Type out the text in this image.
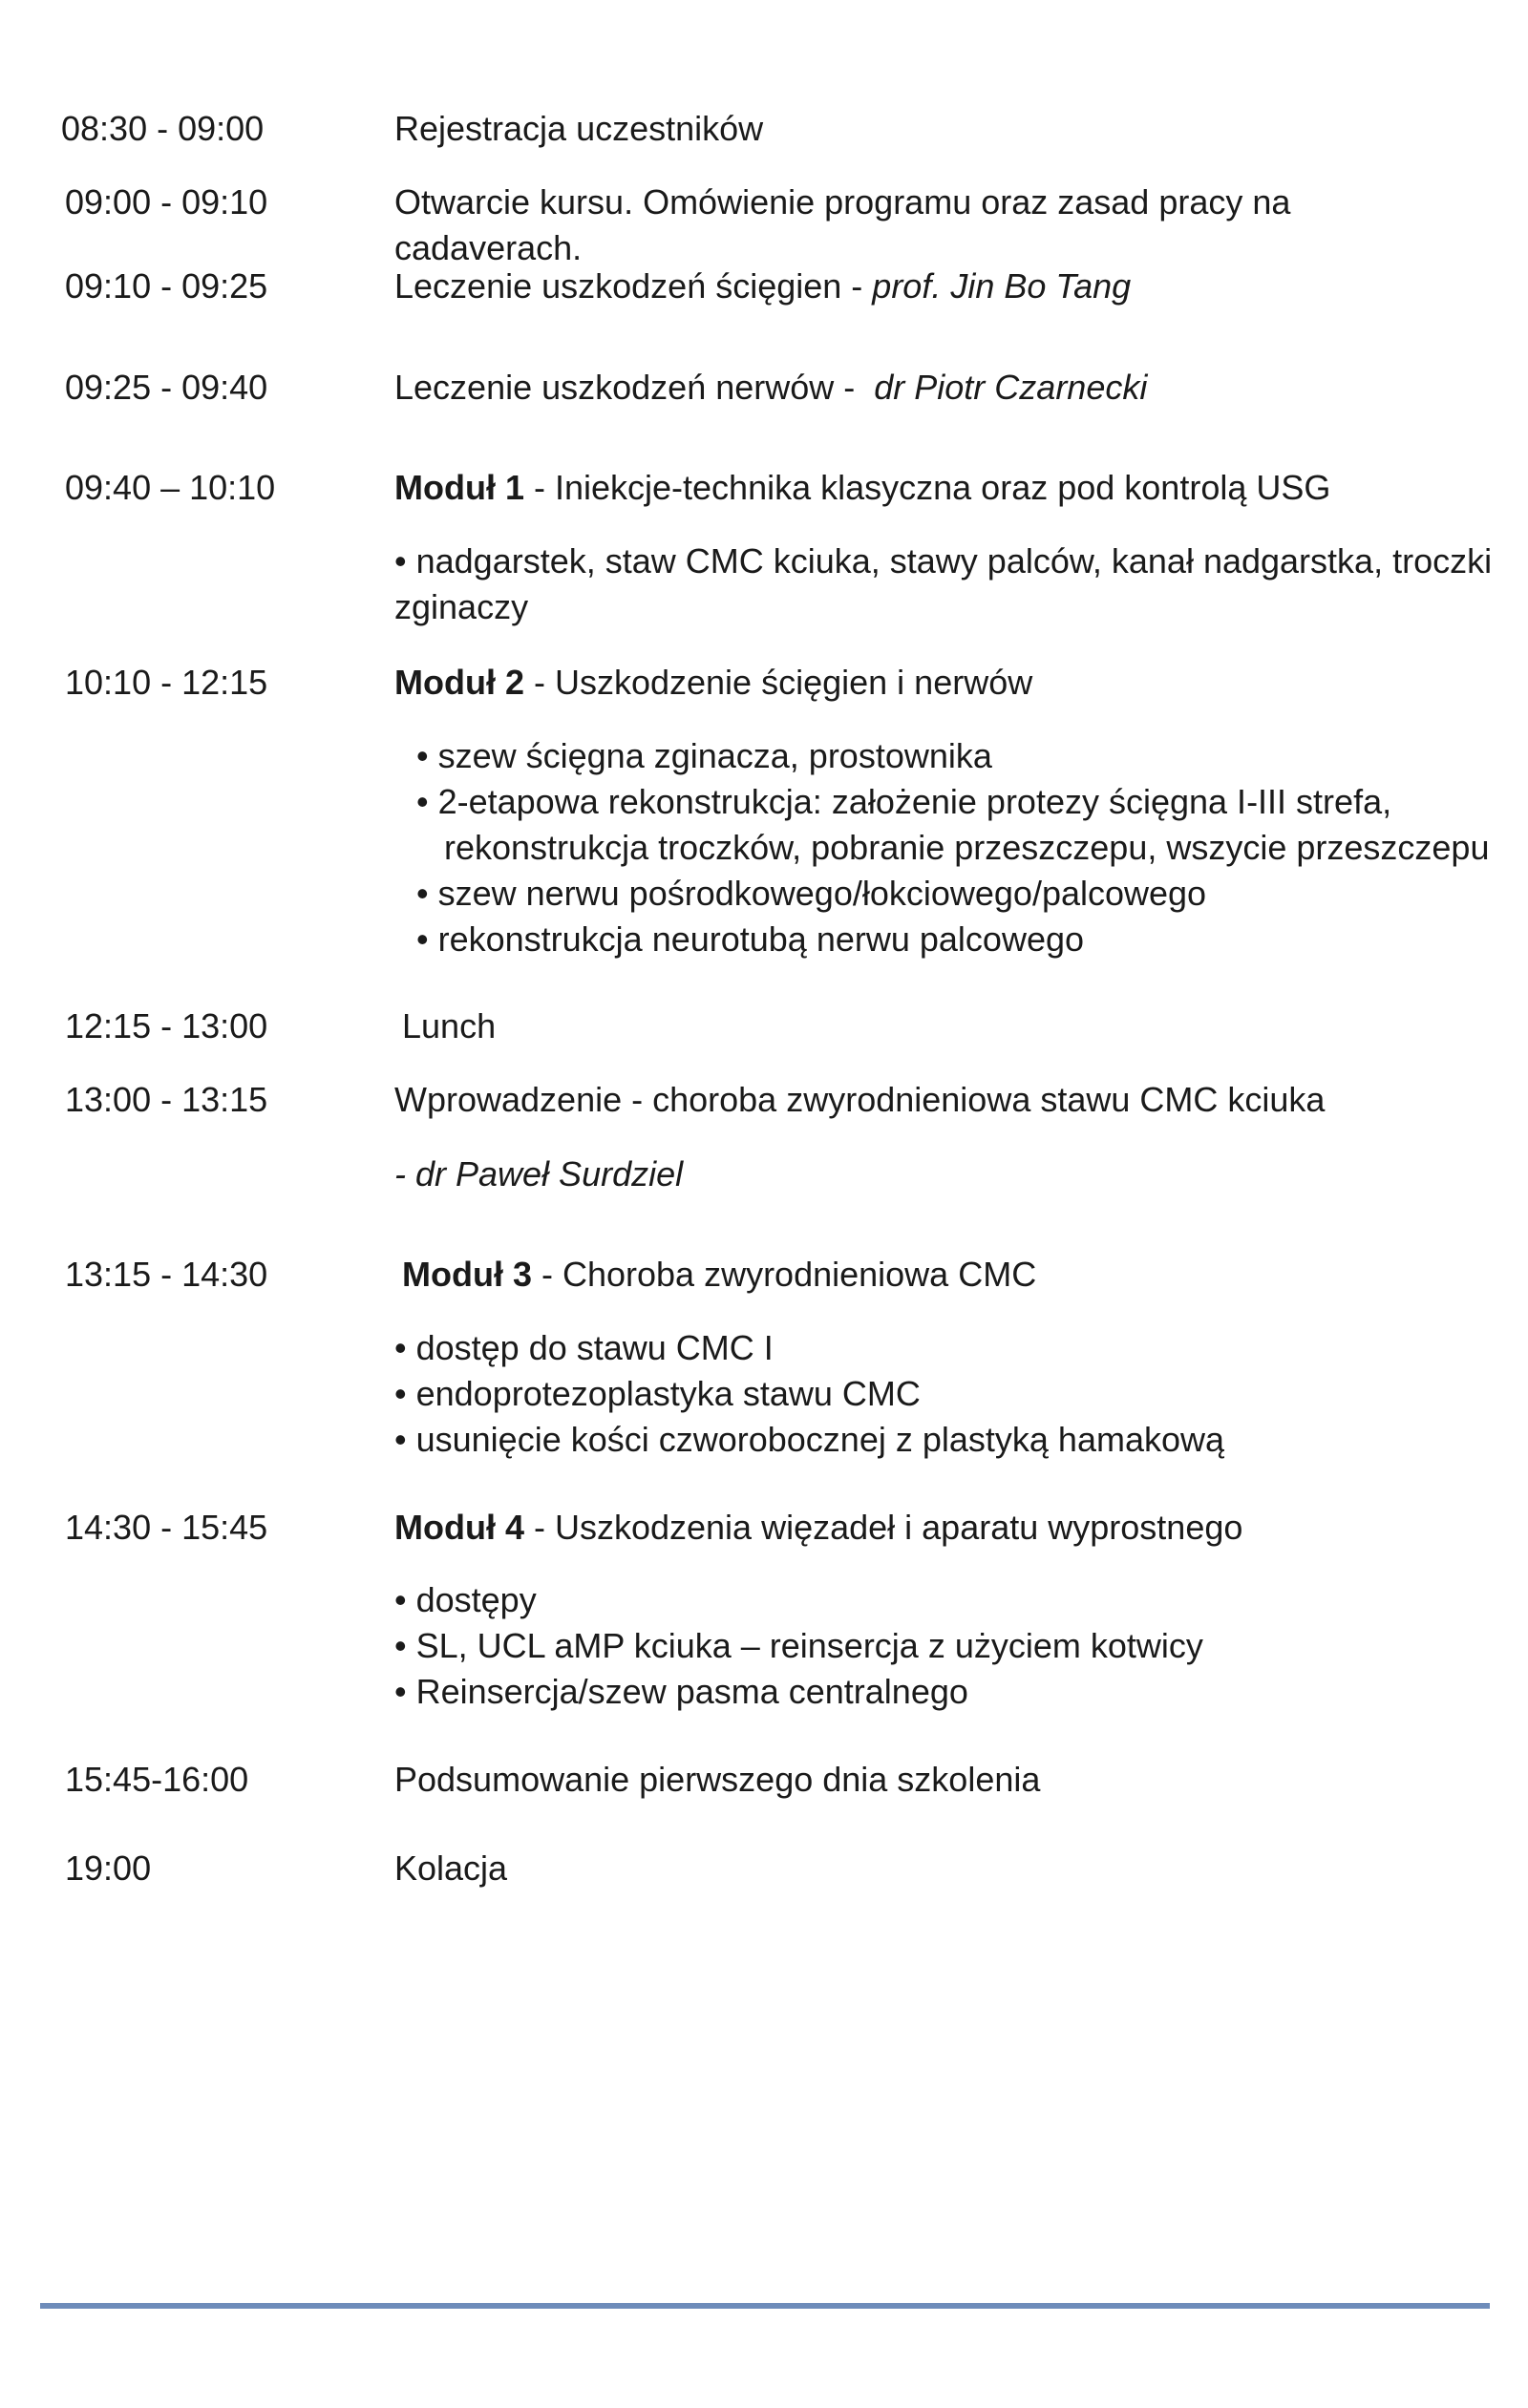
08:30 - 09:00	Rejestracja uczestników
09:00 - 09:10	Otwarcie kursu. Omówienie programu oraz zasad pracy na cadaverach.
09:10 - 09:25	Leczenie uszkodzeń ścięgien - prof. Jin Bo Tang
09:25 - 09:40	Leczenie uszkodzeń nerwów -  dr Piotr Czarnecki
09:40 – 10:10	Moduł 1 - Iniekcje-technika klasyczna oraz pod kontrolą USG
• nadgarstek, staw CMC kciuka, stawy palców, kanał nadgarstka, troczki zginaczy
10:10 - 12:15	Moduł 2 - Uszkodzenie ścięgien i nerwów
• szew ścięgna zginacza, prostownika
• 2-etapowa rekonstrukcja: założenie protezy ścięgna I-III strefa,
rekonstrukcja troczków, pobranie przeszczepu, wszycie przeszczepu
• szew nerwu pośrodkowego/łokciowego/palcowego
• rekonstrukcja neurotubą nerwu palcowego
12:15 - 13:00	Lunch
13:00 - 13:15	Wprowadzenie - choroba zwyrodnieniowa stawu CMC kciuka
- dr Paweł Surdziel
13:15 - 14:30	Moduł 3 - Choroba zwyrodnieniowa CMC
• dostęp do stawu CMC I
• endoprotezoplastyka stawu CMC
• usunięcie kości czworobocznej z plastyką hamakową
14:30 - 15:45	Moduł 4 - Uszkodzenia więzadeł i aparatu wyprostnego
• dostępy
• SL, UCL aMP kciuka – reinsercja z użyciem kotwicy
• Reinsercja/szew pasma centralnego
15:45-16:00	Podsumowanie pierwszego dnia szkolenia
19:00	Kolacja
